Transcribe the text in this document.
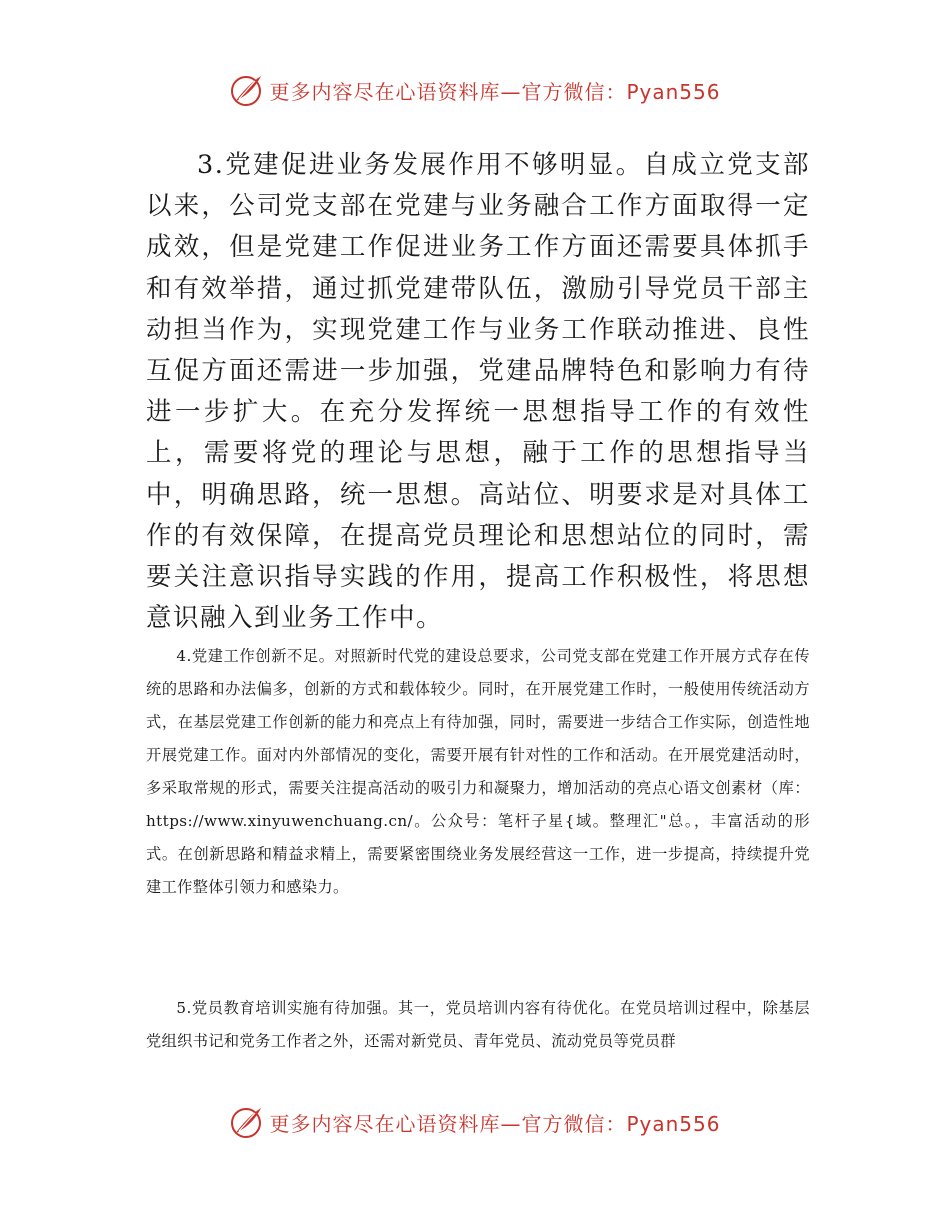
更多内容尽在心语资料库—官方微信：Pyan556

3.党建促进业务发展作用不够明显。自成立党支部以来，公司党支部在党建与业务融合工作方面取得一定成效，但是党建工作促进业务工作方面还需要具体抓手和有效举措，通过抓党建带队伍，激励引导党员干部主动担当作为，实现党建工作与业务工作联动推进、良性互促方面还需进一步加强，党建品牌特色和影响力有待进一步扩大。在充分发挥统一思想指导工作的有效性上，需要将党的理论与思想，融于工作的思想指导当中，明确思路，统一思想。高站位、明要求是对具体工作的有效保障，在提高党员理论和思想站位的同时，需要关注意识指导实践的作用，提高工作积极性，将思想意识融入到业务工作中。

4.党建工作创新不足。对照新时代党的建设总要求，公司党支部在党建工作开展方式存在传统的思路和办法偏多，创新的方式和载体较少。同时，在开展党建工作时，一般使用传统活动方式，在基层党建工作创新的能力和亮点上有待加强，同时，需要进一步结合工作实际，创造性地开展党建工作。面对内外部情况的变化，需要开展有针对性的工作和活动。在开展党建活动时，多采取常规的形式，需要关注提高活动的吸引力和凝聚力，增加活动的亮点心语文创素材（库：https://www.xinyuwenchuang.cn/。公众号：笔杆子星{域。整理汇"总。，丰富活动的形式。在创新思路和精益求精上，需要紧密围绕业务发展经营这一工作，进一步提高，持续提升党建工作整体引领力和感染力。

5.党员教育培训实施有待加强。其一，党员培训内容有待优化。在党员培训过程中，除基层党组织书记和党务工作者之外，还需对新党员、青年党员、流动党员等党员群

更多内容尽在心语资料库—官方微信：Pyan556
